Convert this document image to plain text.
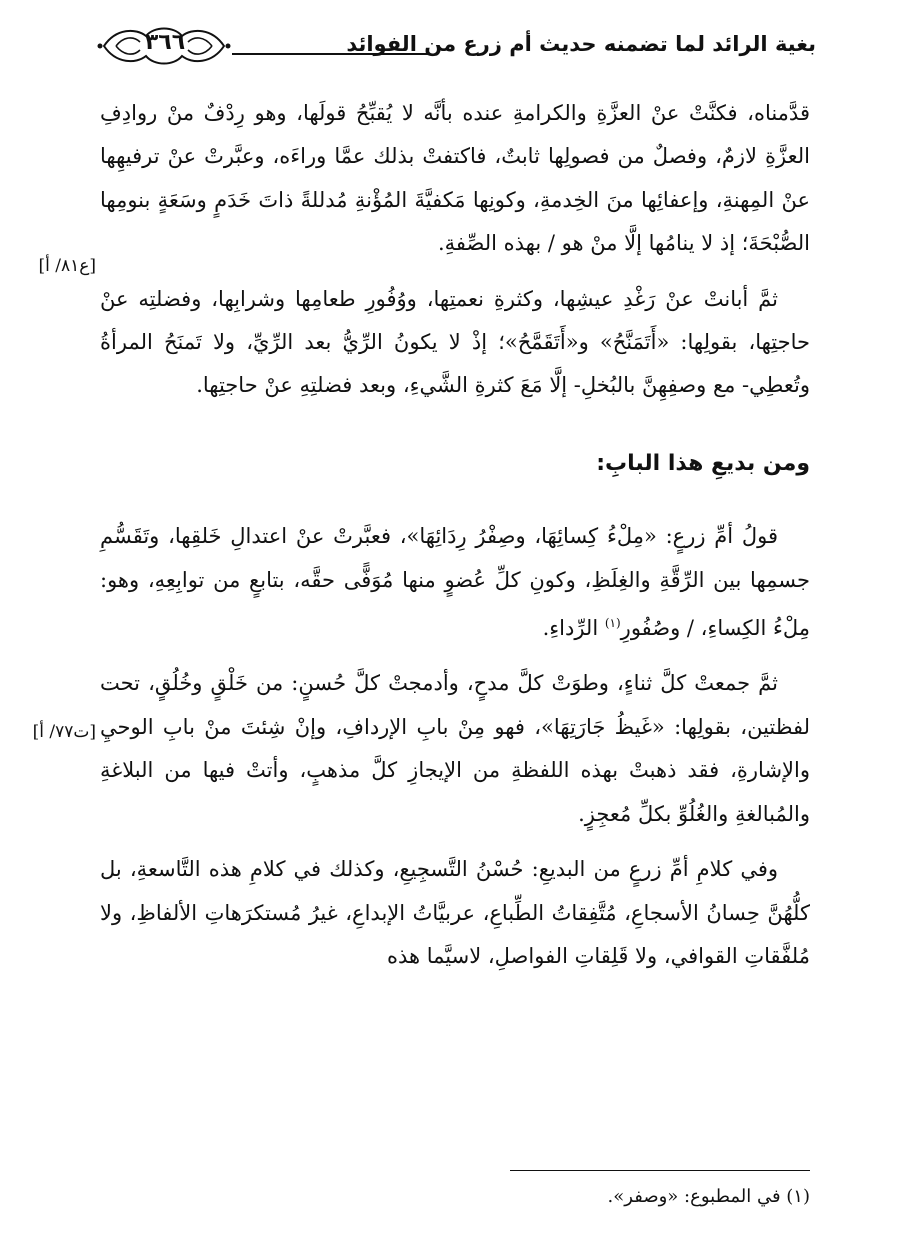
بغية الرائد لما تضمنه حديث أم زرع من الفوائد
٣٦٦
[ع٨١/ أ]
[ت٧٧/ أ]

قدَّمناه، فكنَّتْ عنْ العزَّةِ والكرامةِ عنده بأنَّه لا يُقبِّحُ قولَها، وهو رِدْفٌ منْ روادِفِ العزَّةِ لازمٌ، وفصلٌ من فصولِها ثابتٌ، فاكتفتْ بذلك عمَّا وراءَه، وعبَّرتْ عنْ ترفيهِها عنْ المِهنةِ، وإعفائِها منَ الخِدمةِ، وكونِها مَكفيَّةَ المُؤْنةِ مُدللةً ذاتَ خَدَمٍ وسَعَةٍ بنومِها الصُّبْحَةَ؛ إذ لا ينامُها إلَّا منْ هو / بهذه الصِّفةِ.

ثمَّ أبانتْ عنْ رَغْدِ عيشِها، وكثرةِ نعمتِها، ووُفُورِ طعامِها وشرابِها، وفضلتِه عنْ حاجتِها، بقولِها: «أَتَمَنَّحُ» و«أَتَقَمَّحُ»؛ إذْ لا يكونُ الرِّيُّ بعد الرِّيِّ، ولا تَمنَحُ المرأةُ وتُعطِي- مع وصفِهِنَّ بالبُخلِ- إلَّا مَعَ كثرةِ الشَّيءِ، وبعد فضلتِهِ عنْ حاجتِها.

ومن بديعِ هذا البابِ:

قولُ أمِّ زرعٍ: «مِلْءُ كِسائِهَا، وصِفْرُ رِدَائِهَا»، فعبَّرتْ عنْ اعتدالِ خَلقِها، وتَقَسُّمِ جسمِها بين الرِّقَّةِ والغِلَظِ، وكونِ كلِّ عُضوٍ منها مُوَفًّى حقَّه، بتابعٍ من توابِعِهِ، وهو: مِلْءُ الكِساءِ، / وصُفُورِ$^{(١)}$ الرِّداءِ.

ثمَّ جمعتْ كلَّ ثناءٍ، وطوَتْ كلَّ مدحٍ، وأدمجتْ كلَّ حُسنٍ: من خَلْقٍ وخُلُقٍ، تحت لفظتين، بقولِها: «غَيظُ جَارَتِهَا»، فهو مِنْ بابِ الإردافِ، وإنْ شِئتَ منْ بابِ الوحيِ والإشارةِ، فقد ذهبتْ بهذه اللفظةِ من الإيجازِ كلَّ مذهبٍ، وأتتْ فيها من البلاغةِ والمُبالغةِ والغُلُوِّ بكلِّ مُعجِزٍ.

وفي كلامِ أمِّ زرعٍ من البديعِ: حُسْنُ التَّسجِيعِ، وكذلك في كلامِ هذه التَّاسعةِ، بل كلُّهُنَّ حِسانُ الأسجاعِ، مُتَّفِقاتُ الطِّباعِ، عربيَّاتُ الإبداعِ، غيرُ مُستكرَهاتِ الألفاظِ، ولا مُلفَّقاتِ القوافي، ولا قَلِقاتِ الفواصلِ، لاسيَّما هذه

(١) في المطبوع: «وصفر».
